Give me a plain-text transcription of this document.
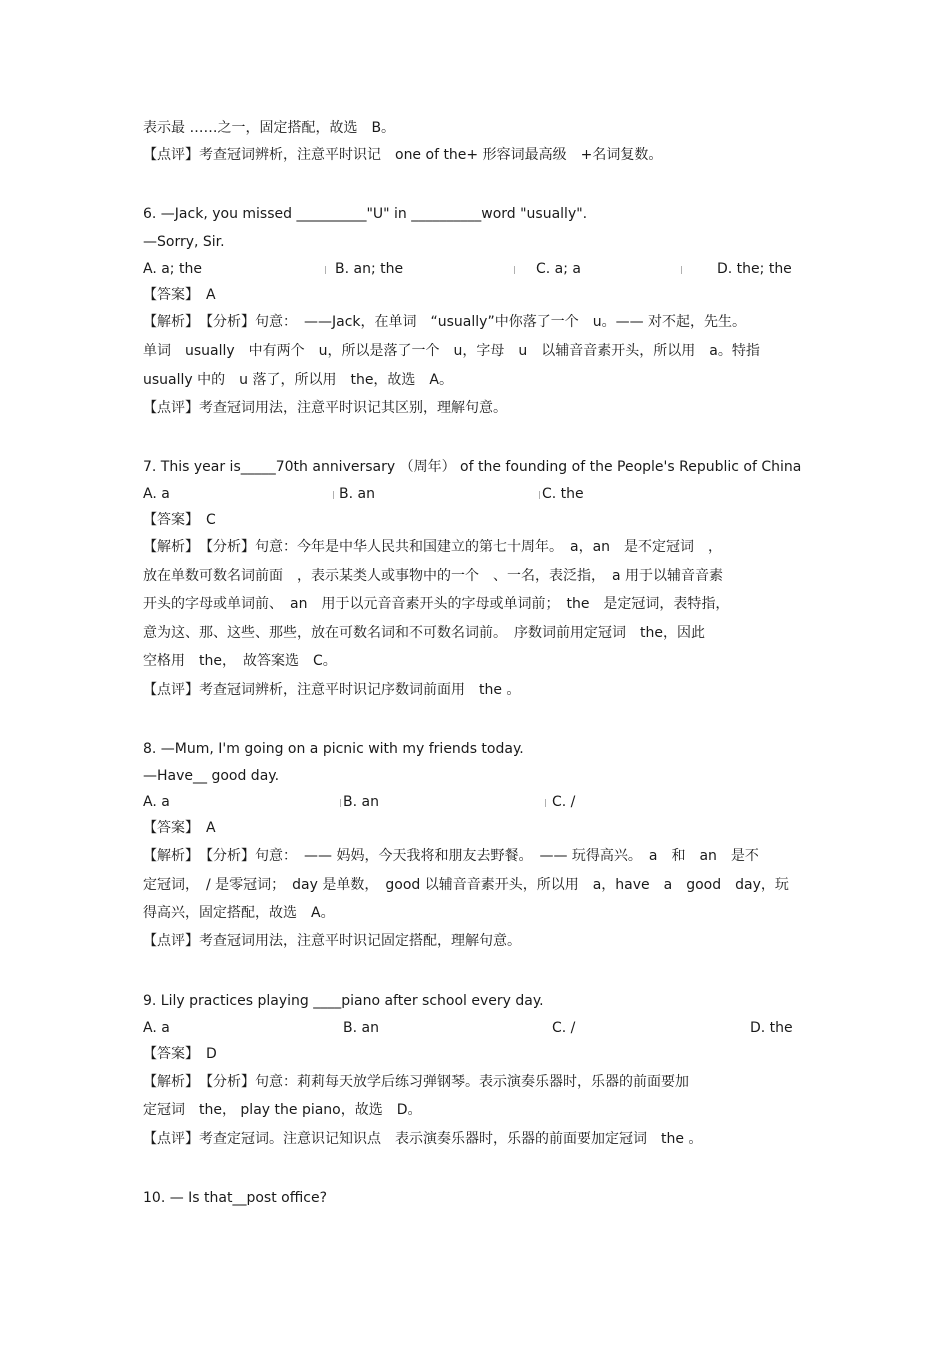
表示最 ……之一，固定搭配，故选　B。
【点评】考查冠词辨析，注意平时识记　one of the+ 形容词最高级　+名词复数。
6. —Jack, you missed __________"U" in __________word "usually".
—Sorry, Sir.
A. a; the	B. an; the	C. a; a	D. the; the
【答案】　A
【解析】　【分析】句意：　——Jack，在单词　“usually”中你落了一个　u。—— 对不起，先生。
单词　usually　中有两个　u，所以是落了一个　u，字母　u　以辅音音素开头，所以用　a。特指
usually 中的　u 落了，所以用　the，故选　A。
【点评】考查冠词用法，注意平时识记其区别，理解句意。
7. This year is_____70th anniversary （周年） of the founding of the People's Republic of China
A. a	B. an	C. the
【答案】　C
【解析】　【分析】句意：今年是中华人民共和国建立的第七十周年。　a，an　是不定冠词　，
放在单数可数名词前面　，表示某类人或事物中的一个　、一名，表泛指，　a 用于以辅音音素
开头的字母或单词前、　an　用于以元音音素开头的字母或单词前；　the　是定冠词，表特指，
意为这、那、这些、那些，放在可数名词和不可数名词前。　序数词前用定冠词　the，因此
空格用　the，　故答案选　C。
【点评】考查冠词辨析，注意平时识记序数词前面用　the 。
8. —Mum, I'm going on a picnic with my friends today.
—Have__ good day.
A. a	B. an	C. /
【答案】　A
【解析】　【分析】句意：　—— 妈妈，今天我将和朋友去野餐。　—— 玩得高兴。　a　和　an　是不
定冠词，　/ 是零冠词；　day 是单数，　good 以辅音音素开头，所以用　a，have　a　good　day，玩
得高兴，固定搭配，故选　A。
【点评】考查冠词用法，注意平时识记固定搭配，理解句意。
9. Lily practices playing ____piano after school every day.
A. a	B. an	C. /	D. the
【答案】　D
【解析】　【分析】句意：莉莉每天放学后练习弹钢琴。表示演奏乐器时，乐器的前面要加
定冠词　the， play the piano，故选　D。
【点评】考查定冠词。注意识记知识点　表示演奏乐器时，乐器的前面要加定冠词　the 。
10. — Is that__post office?
